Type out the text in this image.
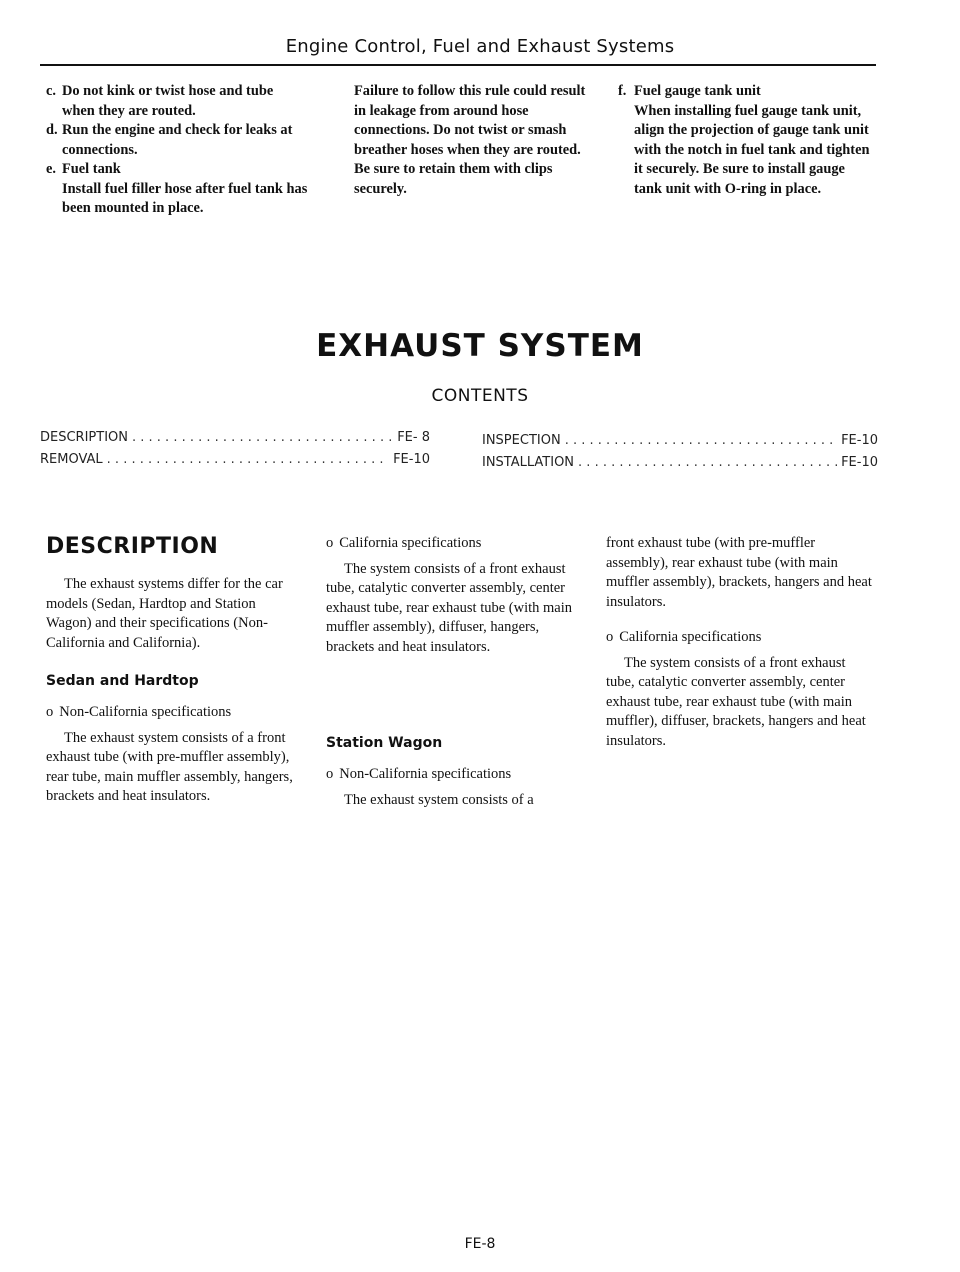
Engine Control, Fuel and Exhaust Systems
c. Do not kink or twist hose and tube when they are routed.
d. Run the engine and check for leaks at connections.
e. Fuel tank
Install fuel filler hose after fuel tank has been mounted in place.

Failure to follow this rule could result in leakage from around hose connections. Do not twist or smash breather hoses when they are routed. Be sure to retain them with clips securely.

f. Fuel gauge tank unit
When installing fuel gauge tank unit, align the projection of gauge tank unit with the notch in fuel tank and tighten it securely. Be sure to install gauge tank unit with O-ring in place.
EXHAUST SYSTEM
CONTENTS
DESCRIPTION . . .	FE- 8
REMOVAL . . .	FE-10
INSPECTION . . .	FE-10
INSTALLATION . . .	FE-10
DESCRIPTION

The exhaust systems differ for the car models (Sedan, Hardtop and Station Wagon) and their specifications (Non-California and California).

Sedan and Hardtop
o Non-California specifications

The exhaust system consists of a front exhaust tube (with pre-muffler assembly), rear tube, main muffler assembly, hangers, brackets and heat insulators.

o California specifications

The system consists of a front exhaust tube, catalytic converter assembly, center exhaust tube, rear exhaust tube (with main muffler assembly), diffuser, hangers, brackets and heat insulators.

Station Wagon
o Non-California specifications

The exhaust system consists of a

front exhaust tube (with pre-muffler assembly), rear exhaust tube (with main muffler assembly), brackets, hangers and heat insulators.

o California specifications

The system consists of a front exhaust tube, catalytic converter assembly, center exhaust tube, rear exhaust tube (with main muffler), diffuser, brackets, hangers and heat insulators.

FE-8
